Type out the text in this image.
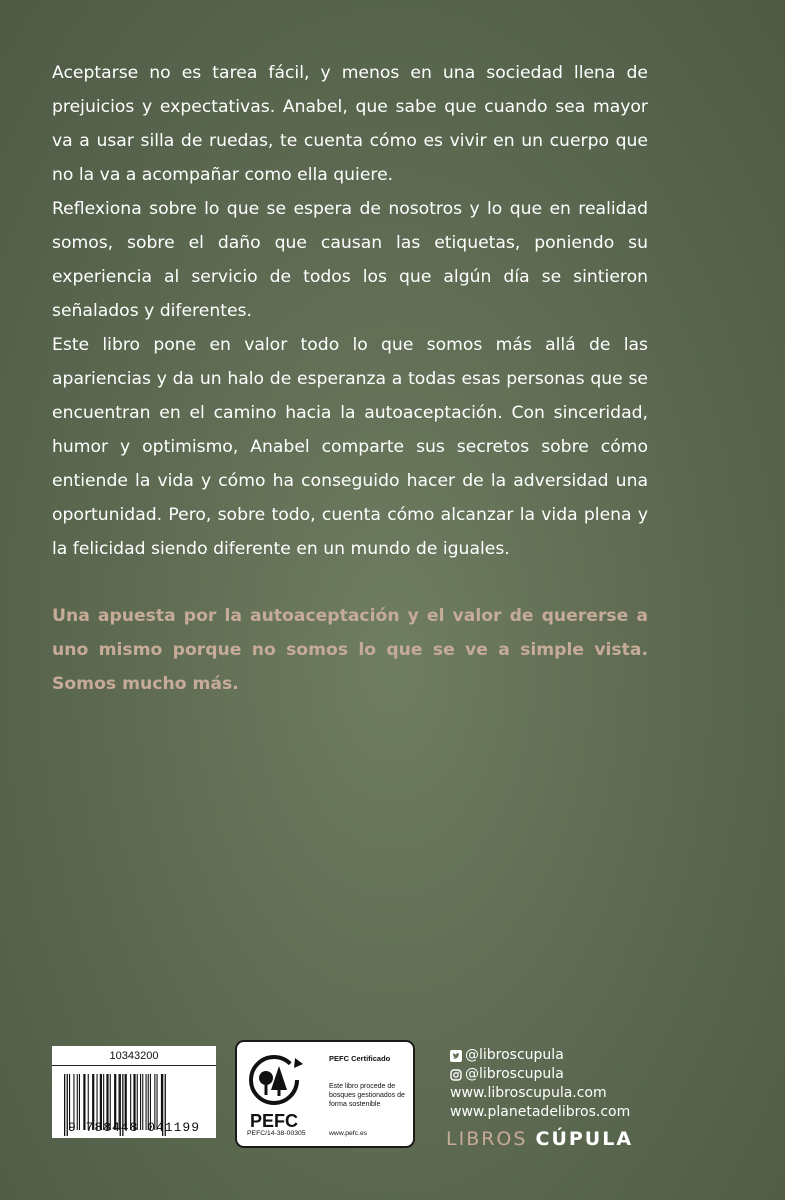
Aceptarse no es tarea fácil, y menos en una sociedad llena de prejuicios y expectativas. Anabel, que sabe que cuando sea mayor va a usar silla de ruedas, te cuenta cómo es vivir en un cuerpo que no la va a acompañar como ella quiere.

Reflexiona sobre lo que se espera de nosotros y lo que en realidad somos, sobre el daño que causan las etiquetas, poniendo su experiencia al servicio de todos los que algún día se sintieron señalados y diferentes.

Este libro pone en valor todo lo que somos más allá de las apariencias y da un halo de esperanza a todas esas personas que se encuentran en el camino hacia la autoaceptación. Con sinceridad, humor y optimismo, Anabel comparte sus secretos sobre cómo entiende la vida y cómo ha conseguido hacer de la adversidad una oportunidad. Pero, sobre todo, cuenta cómo alcanzar la vida plena y la felicidad siendo diferente en un mundo de iguales.

Una apuesta por la autoaceptación y el valor de quererse a uno mismo porque no somos lo que se ve a simple vista. Somos mucho más.

10343200
9 788448 041199	PEFC
PEFC/14-38-00305
PEFC Certificado
Este libro procede de bosques gestionados de forma sostenible
www.pefc.es
@libroscupula
@libroscupula
www.libroscupula.com
www.planetadelibros.com
LIBROS CÚPULA
